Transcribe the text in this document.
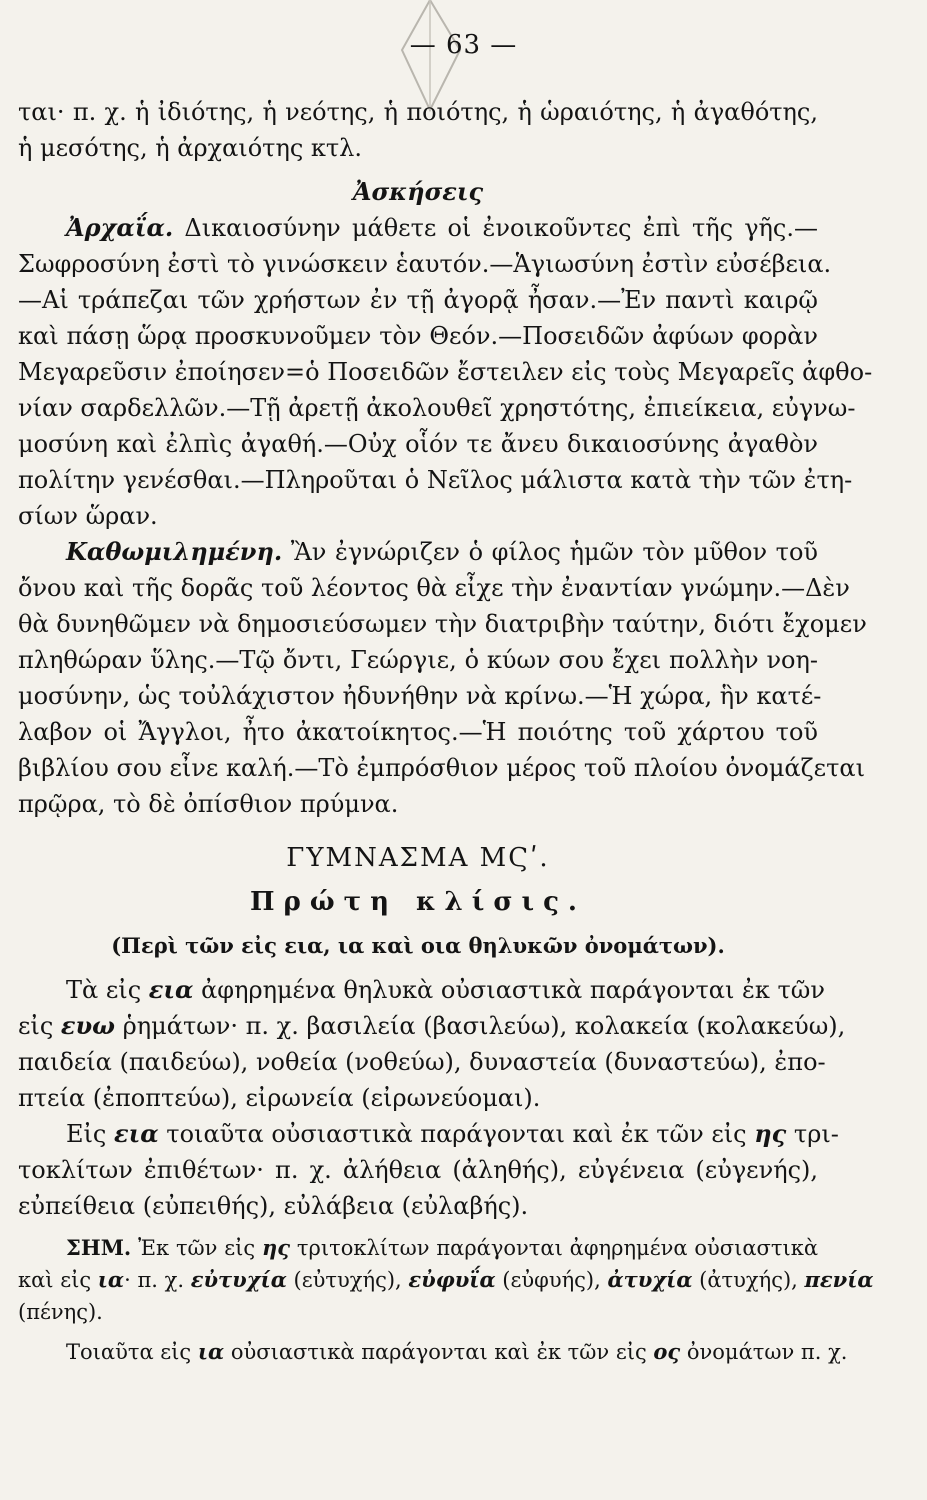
— 63 —
ται· π. χ. ἡ ἰδιότης, ἡ νεότης, ἡ ποιότης, ἡ ὡραιότης, ἡ ἀγαθότης,
ἡ μεσότης, ἡ ἀρχαιότης κτλ.
Ἀσκήσεις
Ἀρχαΐα. Δικαιοσύνην μάθετε οἱ ἐνοικοῦντες ἐπὶ τῆς γῆς.—
Σωφροσύνη ἐστὶ τὸ γινώσκειν ἑαυτόν.—Ἁγιωσύνη ἐστὶν εὐσέβεια.
—Αἱ τράπεζαι τῶν χρήστων ἐν τῇ ἀγορᾷ ἦσαν.—Ἐν παντὶ καιρῷ
καὶ πάσῃ ὥρᾳ προσκυνοῦμεν τὸν Θεόν.—Ποσειδῶν ἀφύων φορὰν
Μεγαρεῦσιν ἐποίησεν=ὁ Ποσειδῶν ἔστειλεν εἰς τοὺς Μεγαρεῖς ἀφθο-
νίαν σαρδελλῶν.—Τῇ ἀρετῇ ἀκολουθεῖ χρηστότης, ἐπιείκεια, εὐγνω-
μοσύνη καὶ ἐλπὶς ἀγαθή.—Οὐχ οἷόν τε ἄνευ δικαιοσύνης ἀγαθὸν
πολίτην γενέσθαι.—Πληροῦται ὁ Νεῖλος μάλιστα κατὰ τὴν τῶν ἐτη-
σίων ὥραν.
Καθωμιλημένη. Ἂν ἐγνώριζεν ὁ φίλος ἡμῶν τὸν μῦθον τοῦ
ὄνου καὶ τῆς δορᾶς τοῦ λέοντος θὰ εἶχε τὴν ἐναντίαν γνώμην.—Δὲν
θὰ δυνηθῶμεν νὰ δημοσιεύσωμεν τὴν διατριβὴν ταύτην, διότι ἔχομεν
πληθώραν ὕλης.—Τῷ ὄντι, Γεώργιε, ὁ κύων σου ἔχει πολλὴν νοη-
μοσύνην, ὡς τοὐλάχιστον ἠδυνήθην νὰ κρίνω.—Ἡ χώρα, ἣν κατέ-
λαβον οἱ Ἄγγλοι, ἦτο ἀκατοίκητος.—Ἡ ποιότης τοῦ χάρτου τοῦ
βιβλίου σου εἶνε καλή.—Τὸ ἐμπρόσθιον μέρος τοῦ πλοίου ὀνομάζεται
πρῷρα, τὸ δὲ ὀπίσθιον πρύμνα.
ΓΥΜΝΑΣΜΑ ΜϚʹ.
Πρώτη κλίσις.
(Περὶ τῶν εἰς εια, ια καὶ οια θηλυκῶν ὀνομάτων).
Τὰ εἰς εια ἀφηρημένα θηλυκὰ οὐσιαστικὰ παράγονται ἐκ τῶν
εἰς ευω ῥημάτων· π. χ. βασιλεία (βασιλεύω), κολακεία (κολακεύω),
παιδεία (παιδεύω), νοθεία (νοθεύω), δυναστεία (δυναστεύω), ἐπο-
πτεία (ἐποπτεύω), εἰρωνεία (εἰρωνεύομαι).
Εἰς εια τοιαῦτα οὐσιαστικὰ παράγονται καὶ ἐκ τῶν εἰς ης τρι-
τοκλίτων ἐπιθέτων· π. χ. ἀλήθεια (ἀληθής), εὐγένεια (εὐγενής),
εὐπείθεια (εὐπειθής), εὐλάβεια (εὐλαβής).
ΣΗΜ. Ἐκ τῶν εἰς ης τριτοκλίτων παράγονται ἀφηρημένα οὐσιαστικὰ
καὶ εἰς ια· π. χ. εὐτυχία (εὐτυχής), εὐφυΐα (εὐφυής), ἀτυχία (ἀτυχής), πενία
(πένης).
Τοιαῦτα εἰς ια οὐσιαστικὰ παράγονται καὶ ἐκ τῶν εἰς ος ὀνομάτων π. χ.
